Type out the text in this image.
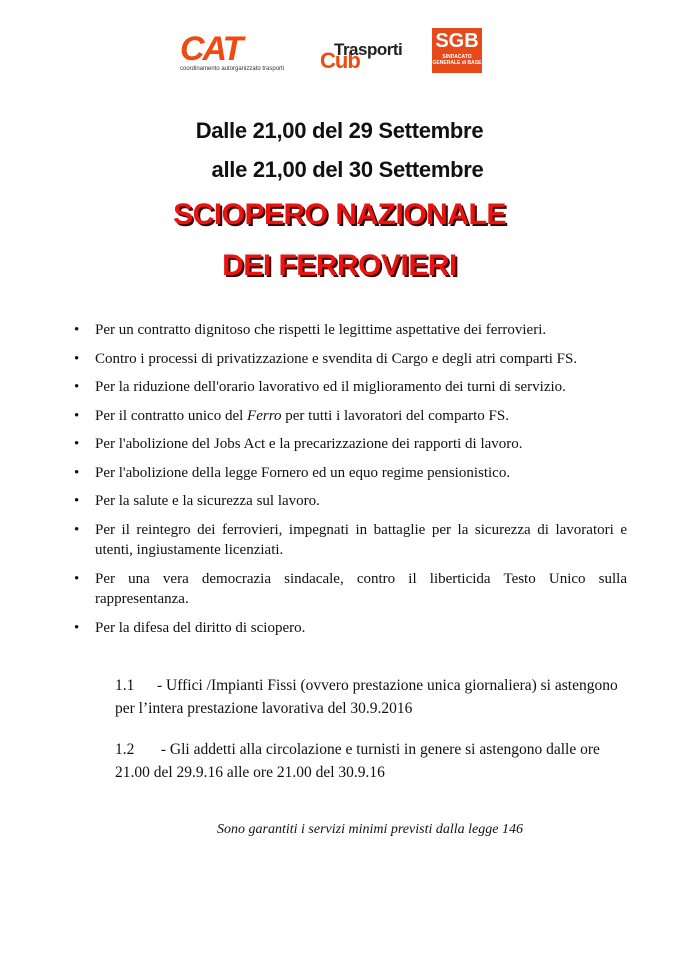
CAT
coordinamento autorganizzato trasporti Cub
Trasporti SGB
SINDACATO
GENERALE di BASE
Dalle 21,00 del 29 Settembre
alle 21,00 del 30 Settembre
SCIOPERO NAZIONALE
DEI FERROVIERI
• Per un contratto dignitoso che rispetti le legittime aspettative dei ferrovieri.
• Contro i processi di privatizzazione e svendita di Cargo e degli atri comparti FS.
• Per la riduzione dell'orario lavorativo ed il miglioramento dei turni di servizio.
• Per il contratto unico del Ferro per tutti i lavoratori del comparto FS.
• Per l'abolizione del Jobs Act e la precarizzazione dei rapporti di lavoro.
• Per l'abolizione della legge Fornero ed un equo regime pensionistico.
• Per la salute e la sicurezza sul lavoro.
• Per il reintegro dei ferrovieri, impegnati in battaglie per la sicurezza di lavoratori e utenti, ingiustamente licenziati.
• Per una vera democrazia sindacale, contro il liberticida Testo Unico sulla rappresentanza.
• Per la difesa del diritto di sciopero.
1.1 - Uffici /Impianti Fissi (ovvero prestazione unica giornaliera) si astengono per l’intera prestazione lavorativa del 30.9.2016
1.2 - Gli addetti alla circolazione e turnisti in genere si astengono dalle ore 21.00 del 29.9.16 alle ore 21.00 del 30.9.16
Sono garantiti i servizi minimi previsti dalla legge 146
